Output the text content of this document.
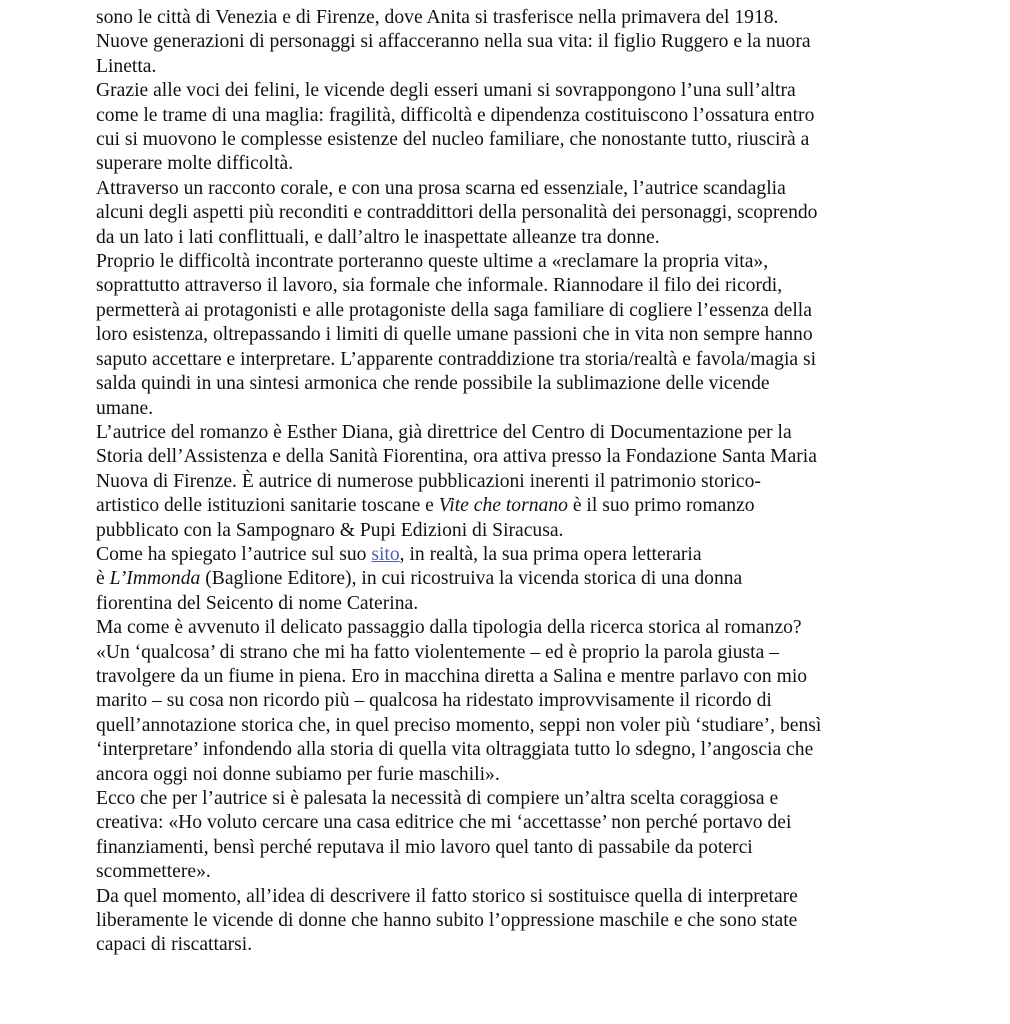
sono le città di Venezia e di Firenze, dove Anita si trasferisce nella primavera del 1918.
Nuove generazioni di personaggi si affacceranno nella sua vita: il figlio Ruggero e la nuora
Linetta.
Grazie alle voci dei felini, le vicende degli esseri umani si sovrappongono l’una sull’altra
come le trame di una maglia: fragilità, difficoltà e dipendenza costituiscono l’ossatura entro
cui si muovono le complesse esistenze del nucleo familiare, che nonostante tutto, riuscirà a
superare molte difficoltà.
Attraverso un racconto corale, e con una prosa scarna ed essenziale, l’autrice scandaglia
alcuni degli aspetti più reconditi e contraddittori della personalità dei personaggi, scoprendo
da un lato i lati conflittuali, e dall’altro le inaspettate alleanze tra donne.
Proprio le difficoltà incontrate porteranno queste ultime a «reclamare la propria vita»,
soprattutto attraverso il lavoro, sia formale che informale. Riannodare il filo dei ricordi,
permetterà ai protagonisti e alle protagoniste della saga familiare di cogliere l’essenza della
loro esistenza, oltrepassando i limiti di quelle umane passioni che in vita non sempre hanno
saputo accettare e interpretare. L’apparente contraddizione tra storia/realtà e favola/magia si
salda quindi in una sintesi armonica che rende possibile la sublimazione delle vicende
umane.
L’autrice del romanzo è Esther Diana, già direttrice del Centro di Documentazione per la
Storia dell’Assistenza e della Sanità Fiorentina, ora attiva presso la Fondazione Santa Maria
Nuova di Firenze. È autrice di numerose pubblicazioni inerenti il patrimonio storico-
artistico delle istituzioni sanitarie toscane e Vite che tornano è il suo primo romanzo
pubblicato con la Sampognaro & Pupi Edizioni di Siracusa.
Come ha spiegato l’autrice sul suo sito, in realtà, la sua prima opera letteraria
è L’Immonda (Baglione Editore), in cui ricostruiva la vicenda storica di una donna
fiorentina del Seicento di nome Caterina.
Ma come è avvenuto il delicato passaggio dalla tipologia della ricerca storica al romanzo?
«Un ‘qualcosa’ di strano che mi ha fatto violentemente – ed è proprio la parola giusta –
travolgere da un fiume in piena. Ero in macchina diretta a Salina e mentre parlavo con mio
marito – su cosa non ricordo più – qualcosa ha ridestato improvvisamente il ricordo di
quell’annotazione storica che, in quel preciso momento, seppi non voler più ‘studiare’, bensì
‘interpretare’ infondendo alla storia di quella vita oltraggiata tutto lo sdegno, l’angoscia che
ancora oggi noi donne subiamo per furie maschili».
Ecco che per l’autrice si è palesata la necessità di compiere un’altra scelta coraggiosa e
creativa: «Ho voluto cercare una casa editrice che mi ‘accettasse’ non perché portavo dei
finanziamenti, bensì perché reputava il mio lavoro quel tanto di passabile da poterci
scommettere».
Da quel momento, all’idea di descrivere il fatto storico si sostituisce quella di interpretare
liberamente le vicende di donne che hanno subito l’oppressione maschile e che sono state
capaci di riscattarsi.
